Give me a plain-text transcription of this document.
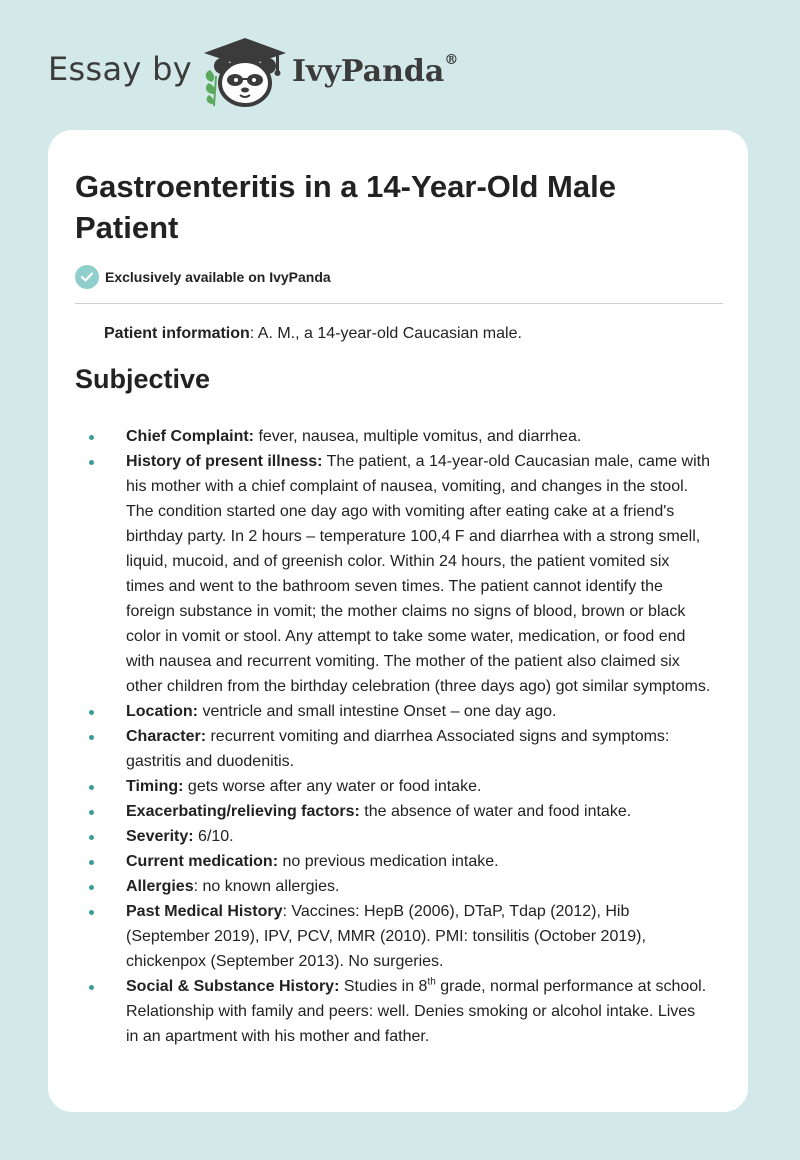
Essay by	IvyPanda®
Gastroenteritis in a 14-Year-Old Male Patient
Exclusively available on IvyPanda

Patient information: A. M., a 14-year-old Caucasian male.

Subjective
Chief Complaint: fever, nausea, multiple vomitus, and diarrhea.
History of present illness: The patient, a 14-year-old Caucasian male, came with his mother with a chief complaint of nausea, vomiting, and changes in the stool. The condition started one day ago with vomiting after eating cake at a friend's birthday party. In 2 hours – temperature 100,4 F and diarrhea with a strong smell, liquid, mucoid, and of greenish color. Within 24 hours, the patient vomited six times and went to the bathroom seven times. The patient cannot identify the foreign substance in vomit; the mother claims no signs of blood, brown or black color in vomit or stool. Any attempt to take some water, medication, or food end with nausea and recurrent vomiting. The mother of the patient also claimed six other children from the birthday celebration (three days ago) got similar symptoms.
Location: ventricle and small intestine Onset – one day ago.
Character: recurrent vomiting and diarrhea Associated signs and symptoms: gastritis and duodenitis.
Timing: gets worse after any water or food intake.
Exacerbating/relieving factors: the absence of water and food intake.
Severity: 6/10.
Current medication: no previous medication intake.
Allergies: no known allergies.
Past Medical History: Vaccines: HepB (2006), DTaP, Tdap (2012), Hib (September 2019), IPV, PCV, MMR (2010). PMI: tonsilitis (October 2019), chickenpox (September 2013). No surgeries.
Social & Substance History: Studies in 8th grade, normal performance at school. Relationship with family and peers: well. Denies smoking or alcohol intake. Lives in an apartment with his mother and father.
